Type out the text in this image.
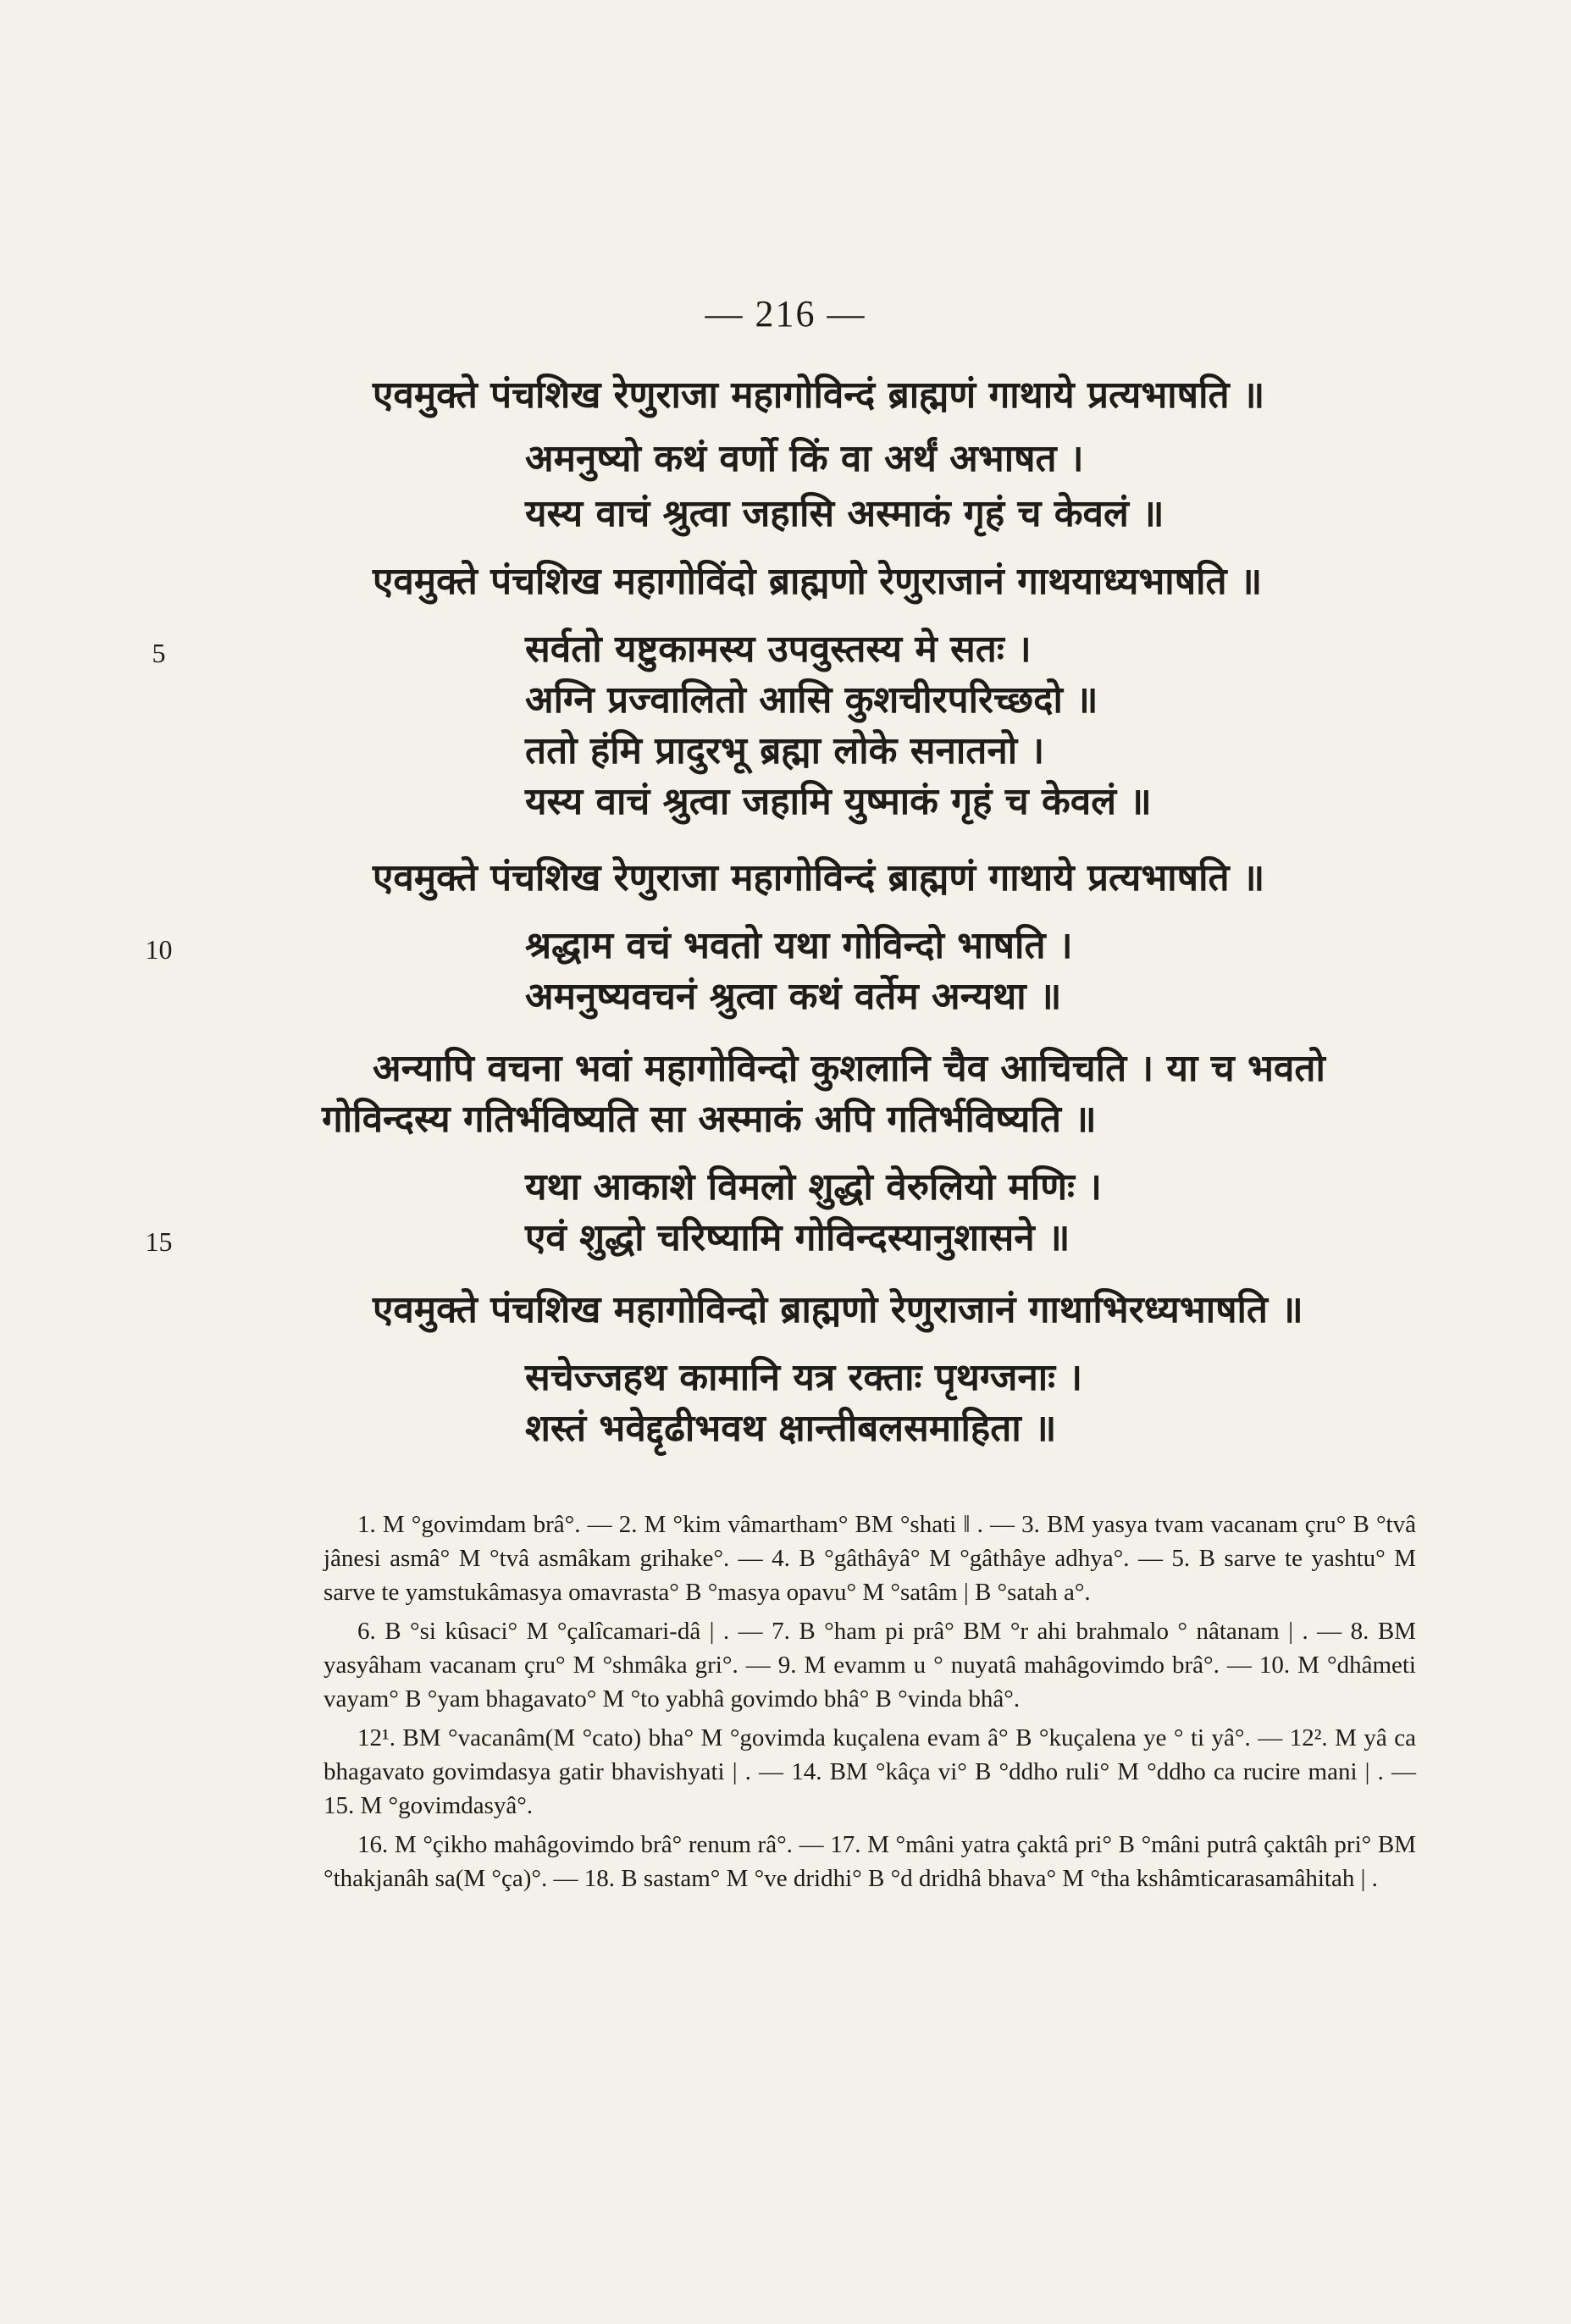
— 216 —
एवमुक्ते पंचशिख रेणुराजा महागोविन्दं ब्राह्मणं गाथाये प्रत्यभाषति ॥
अमनुष्यो कथं वर्णो किं वा अर्थं अभाषत ।
यस्य वाचं श्रुत्वा जहासि अस्माकं गृहं च केवलं ॥
एवमुक्ते पंचशिख महागोविंदो ब्राह्मणो रेणुराजानं गाथयाध्यभाषति ॥
सर्वतो यष्टुकामस्य उपवुस्तस्य मे सतः ।
अग्नि प्रज्वालितो आसि कुशचीरपरिच्छदो ॥
ततो हंमि प्रादुरभू ब्रह्मा लोके सनातनो ।
यस्य वाचं श्रुत्वा जहामि युष्माकं गृहं च केवलं ॥
एवमुक्ते पंचशिख रेणुराजा महागोविन्दं ब्राह्मणं गाथाये प्रत्यभाषति ॥
श्रद्धाम वचं भवतो यथा गोविन्दो भाषति ।
अमनुष्यवचनं श्रुत्वा कथं वर्तेम अन्यथा ॥
अन्यापि वचना भवां महागोविन्दो कुशलानि चैव आचिचति । या च भवतो
गोविन्दस्य गतिर्भविष्यति सा अस्माकं अपि गतिर्भविष्यति ॥
यथा आकाशे विमलो शुद्धो वेरुलियो मणिः ।
एवं शुद्धो चरिष्यामि गोविन्दस्यानुशासने ॥
एवमुक्ते पंचशिख महागोविन्दो ब्राह्मणो रेणुराजानं गाथाभिरध्यभाषति ॥
सचेज्जहथ कामानि यत्र रक्ताः पृथग्जनाः ।
शस्तं भवेद्दृढीभवथ क्षान्तीबलसमाहिता ॥
5
10
15

1. M °govimdam brâ°. — 2. M °kim vâmartham° BM °shati ‖ . — 3. BM yasya tvam vacanam çru° B °tvâ jânesi asmâ° M °tvâ asmâkam grihake°. — 4. B °gâthâyâ° M °gâthâye adhya°. — 5. B sarve te yashtu° M sarve te yamstukâmasya omavrasta° B °masya opavu° M °satâm | B °satah a°.

6. B °si kûsaci° M °çalîcamari-dâ | . — 7. B °ham pi prâ° BM °r ahi brahmalo ° nâtanam | . — 8. BM yasyâham vacanam çru° M °shmâka gri°. — 9. M evamm u ° nuyatâ mahâgovimdo brâ°. — 10. M °dhâmeti vayam° B °yam bhagavato° M °to yabhâ govimdo bhâ° B °vinda bhâ°.

12¹. BM °vacanâm(M °cato) bha° M °govimda kuçalena evam â° B °kuçalena ye ° ti yâ°. — 12². M yâ ca bhagavato govimdasya gatir bhavishyati | . — 14. BM °kâça vi° B °ddho ruli° M °ddho ca rucire mani | . — 15. M °govimdasyâ°.

16. M °çikho mahâgovimdo brâ° renum râ°. — 17. M °mâni yatra çaktâ pri° B °mâni putrâ çaktâh pri° BM °thakjanâh sa(M °ça)°. — 18. B sastam° M °ve dridhi° B °d dridhâ bhava° M °tha kshâmticarasamâhitah | .
